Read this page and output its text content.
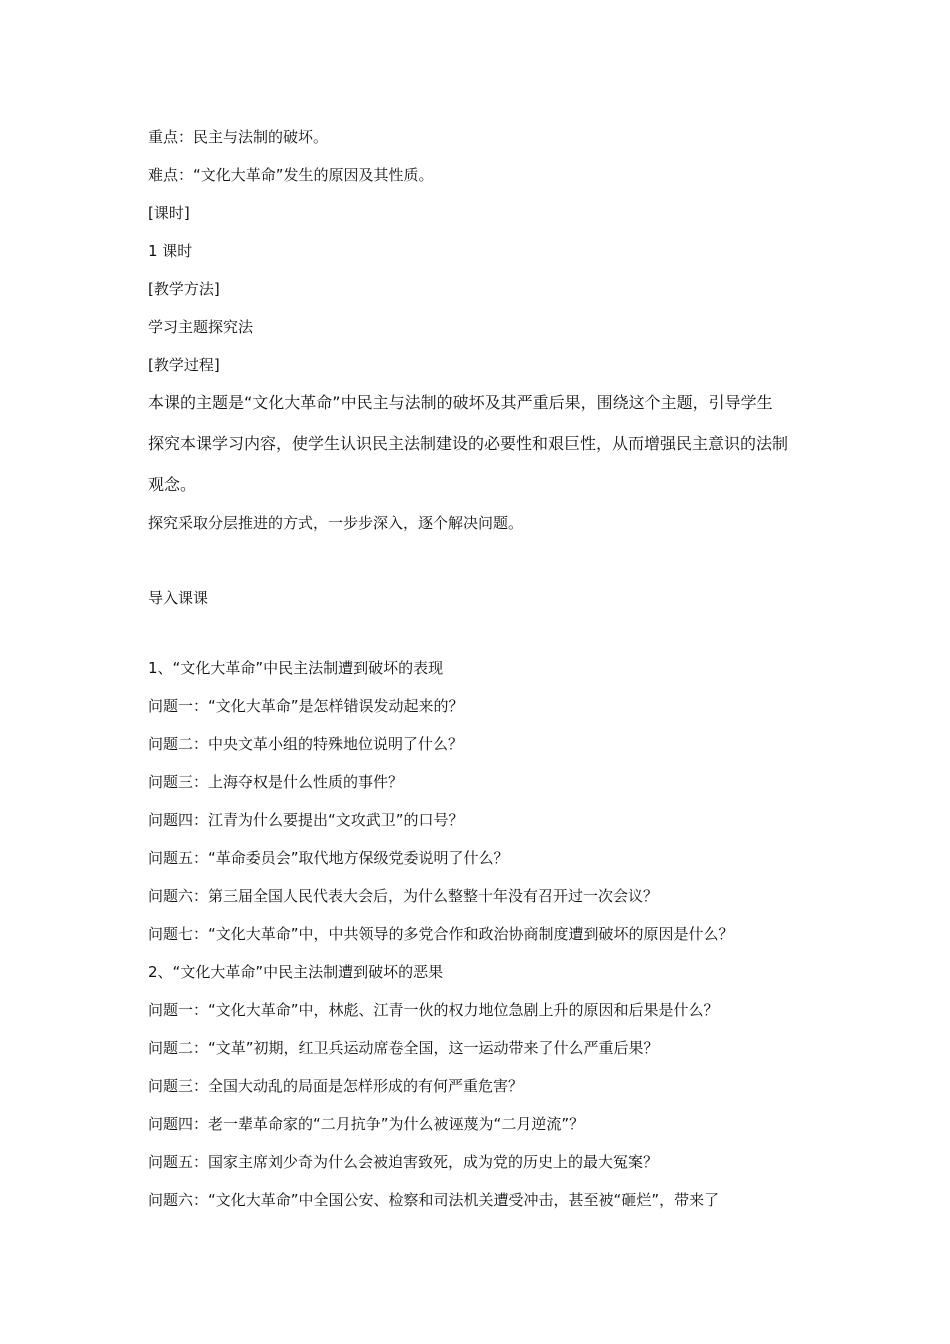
重点：民主与法制的破坏。

难点：“文化大革命”发生的原因及其性质。

[课时]

1 课时

[教学方法]

学习主题探究法

[教学过程]

本课的主题是“文化大革命”中民主与法制的破坏及其严重后果，围绕这个主题，引导学生
探究本课学习内容，使学生认识民主法制建设的必要性和艰巨性，从而增强民主意识的法制
观念。

探究采取分层推进的方式，一步步深入，逐个解决问题。

导入课课

1、“文化大革命”中民主法制遭到破坏的表现

问题一：“文化大革命”是怎样错误发动起来的？

问题二：中央文革小组的特殊地位说明了什么？

问题三：上海夺权是什么性质的事件？

问题四：江青为什么要提出“文攻武卫”的口号？

问题五：“革命委员会”取代地方保级党委说明了什么？

问题六：第三届全国人民代表大会后，为什么整整十年没有召开过一次会议？

问题七：“文化大革命”中，中共领导的多党合作和政治协商制度遭到破坏的原因是什么？

2、“文化大革命”中民主法制遭到破坏的恶果

问题一：“文化大革命”中，林彪、江青一伙的权力地位急剧上升的原因和后果是什么？

问题二：“文革”初期，红卫兵运动席卷全国，这一运动带来了什么严重后果？

问题三：全国大动乱的局面是怎样形成的有何严重危害？

问题四：老一辈革命家的“二月抗争”为什么被诬蔑为“二月逆流”？

问题五：国家主席刘少奇为什么会被迫害致死，成为党的历史上的最大冤案？

问题六：“文化大革命”中全国公安、检察和司法机关遭受冲击，甚至被“砸烂”，带来了
